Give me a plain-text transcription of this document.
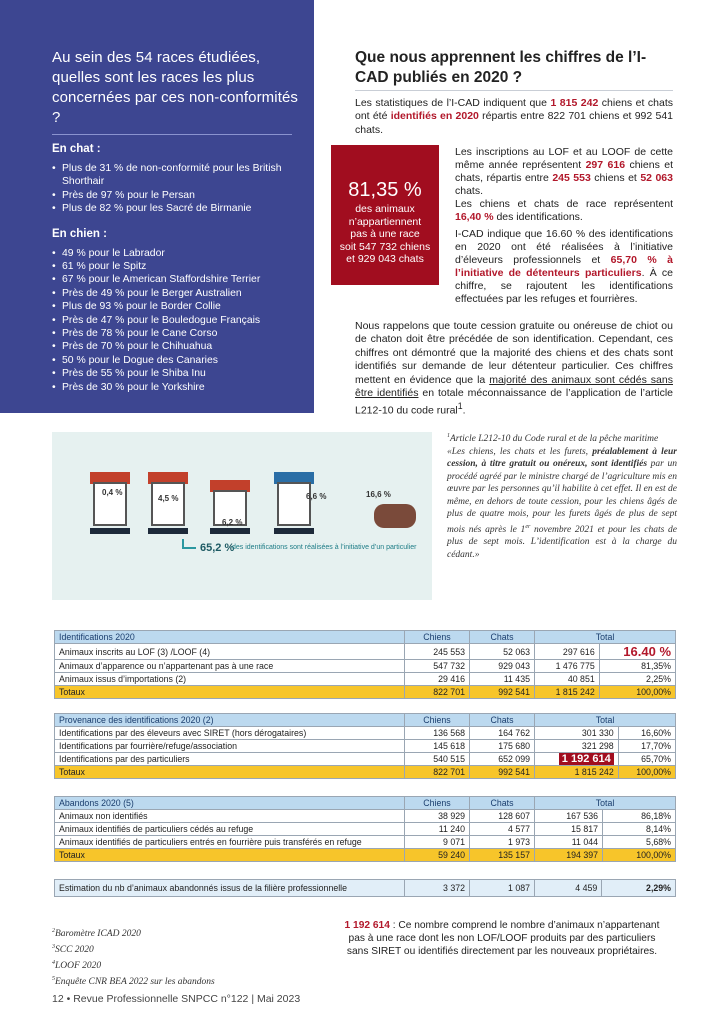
Au sein des 54 races étudiées, quelles sont les races les plus concernées par ces non-conformités ?
En chat :
• Plus de 31 % de non-conformité pour les British Shorthair
• Près de 97 % pour le Persan
• Plus de 82 % pour les Sacré de Birmanie
En chien :
• 49 % pour le Labrador
• 61 % pour le Spitz
• 67 % pour le American Staffordshire Terrier
• Près de 49 % pour le Berger Australien
• Plus de 93 % pour le Border Collie
• Près de 47 % pour le Bouledogue Français
• Près de 78 % pour le Cane Corso
• Près de 70 % pour le Chihuahua
• 50 % pour le Dogue des Canaries
• Près de 55 % pour le Shiba Inu
• Près de 30 % pour le Yorkshire
Que nous apprennent les chiffres de l’I-CAD publiés en 2020 ?

Les statistiques de l’I-CAD indiquent que 1 815 242 chiens et chats ont été identifiés en 2020 répartis entre 822 701 chiens et 992 541 chats.

81,35 %
des animaux
n’appartiennent
pas à une race
soit 547 732 chiens
et 929 043 chats

Les inscriptions au LOF et au LOOF de cette même année représentent 297 616 chiens et chats, répartis entre 245 553 chiens et 52 063 chats.
Les chiens et chats de race représentent 16,40 % des identifications.

I-CAD indique que 16.60 % des identifications en 2020 ont été réalisées à l’initiative d’éleveurs professionnels et 65,70 % à l’initiative de détenteurs particuliers. À ce chiffre, se rajoutent les identifications effectuées par les refuges et fourrières.

Nous rappelons que toute cession gratuite ou onéreuse de chiot ou de chaton doit être précédée de son identification. Cependant, ces chiffres ont démontré que la majorité des chiens et des chats sont identifiés sur demande de leur détenteur particulier. Ces chiffres mettent en évidence que la majorité des animaux sont cédés sans être identifiés en totale méconnaissance de l’application de l’article L212-10 du code rural$^1$.

0,4 %
4,5 %
6,2 %
6,6 %	16,6 %
65,2 %
des identifications sont réalisées à l’initiative d’un particulier

$^1$Article L212-10 du Code rural et de la pêche maritime

«Les chiens, les chats et les furets, préalablement à leur cession, à titre gratuit ou onéreux, sont identifiés par un procédé agréé par le ministre chargé de l’agriculture mis en œuvre par les personnes qu’il habilite à cet effet. Il en est de même, en dehors de toute cession, pour les chiens âgés de plus de quatre mois, pour les furets âgés de plus de sept mois nés après le 1er novembre 2021 et pour les chats de plus de sept mois. L’identification est à la charge du cédant.»

Identifications 2020	Chiens	Chats	Total	
Animaux inscrits au LOF (3) /LOOF (4)	245 553	52 063	297 616	16.40 %
Animaux d’apparence ou n’appartenant pas à une race	547 732	929 043	1 476 775	81,35%
Animaux issus d’importations (2)	29 416	11 435	40 851	2,25%
Totaux	822 701	992 541	1 815 242	100,00%
Provenance des identifications 2020 (2)	Chiens	Chats	Total	
Identifications par des éleveurs avec SIRET (hors dérogataires)	136 568	164 762	301 330	16,60%
Identifications par fourrière/refuge/association	145 618	175 680	321 298	17,70%
Identifications par des particuliers	540 515	652 099	1 192 614	65,70%
Totaux	822 701	992 541	1 815 242	100,00%
Abandons 2020 (5)	Chiens	Chats	Total	
Animaux non identifiés	38 929	128 607	167 536	86,18%
Animaux identifiés de particuliers cédés au refuge	11 240	4 577	15 817	8,14%
Animaux identifiés de particuliers entrés en fourrière puis transférés en refuge	9 071	1 973	11 044	5,68%
Totaux	59 240	135 157	194 397	100,00%
Estimation du nb d’animaux abandonnés issus de la filière professionnelle	3 372	1 087	4 459	2,29%
$^2$Baromètre ICAD 2020
$^3$SCC 2020
$^4$LOOF 2020
$^5$Enquête CNR BEA 2022 sur les abandons

1 192 614 : Ce nombre comprend le nombre d’animaux n’appartenant pas à une race dont les non LOF/LOOF produits par des particuliers sans SIRET ou identifiés directement par les nouveaux propriétaires.

12 • Revue Professionnelle SNPCC n°122 | Mai 2023
